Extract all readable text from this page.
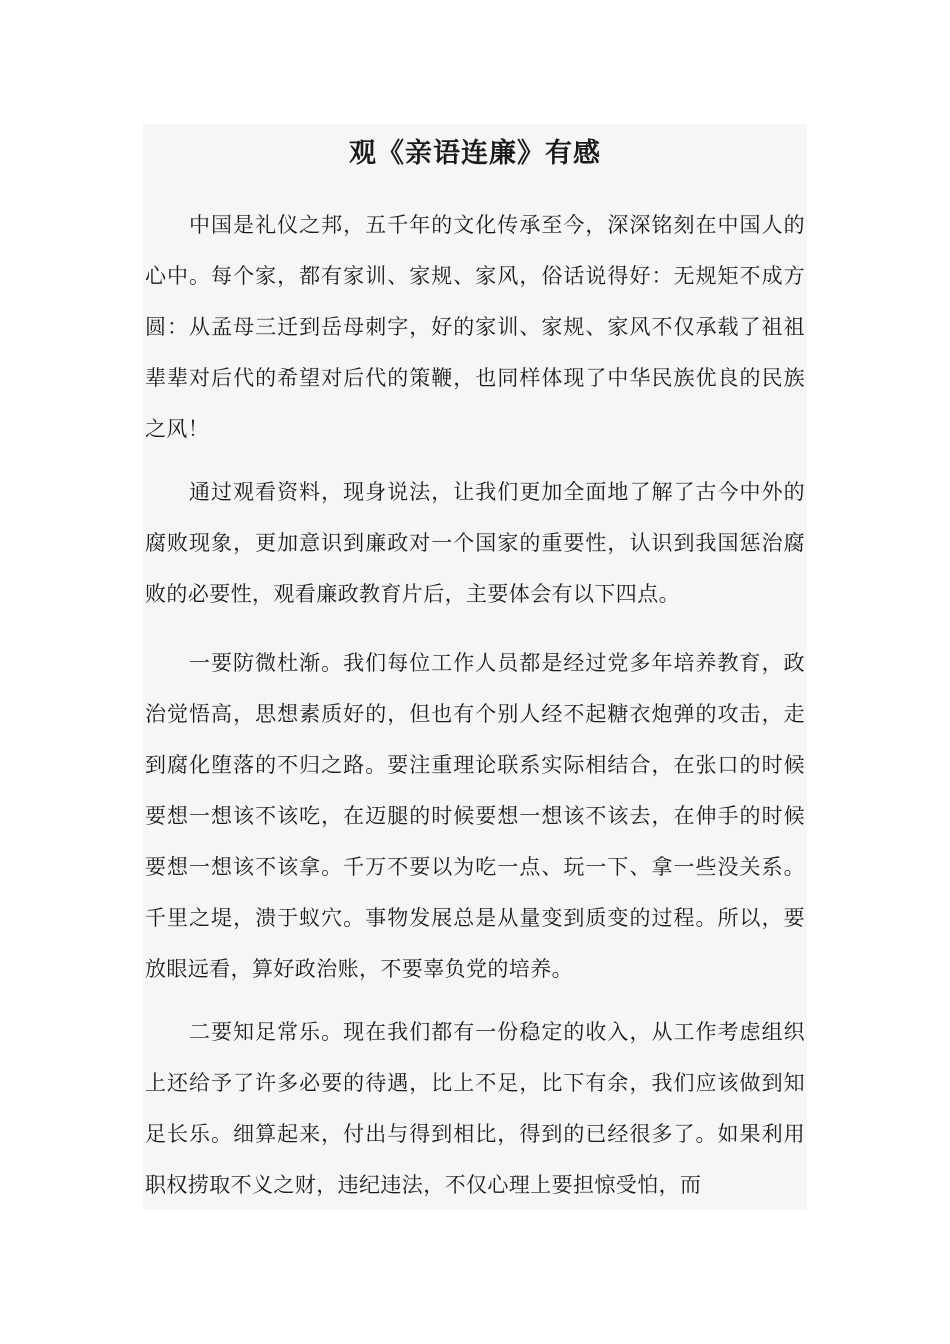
观《亲语连廉》有感

中国是礼仪之邦，五千年的文化传承至今，深深铭刻在中国人的心中。每个家，都有家训、家规、家风，俗话说得好：无规矩不成方圆：从孟母三迁到岳母刺字，好的家训、家规、家风不仅承载了祖祖辈辈对后代的希望对后代的策鞭，也同样体现了中华民族优良的民族之风！

通过观看资料，现身说法，让我们更加全面地了解了古今中外的腐败现象，更加意识到廉政对一个国家的重要性，认识到我国惩治腐败的必要性，观看廉政教育片后，主要体会有以下四点。

一要防微杜渐。我们每位工作人员都是经过党多年培养教育，政治觉悟高，思想素质好的，但也有个别人经不起糖衣炮弹的攻击，走到腐化堕落的不归之路。要注重理论联系实际相结合，在张口的时候要想一想该不该吃，在迈腿的时候要想一想该不该去，在伸手的时候要想一想该不该拿。千万不要以为吃一点、玩一下、拿一些没关系。千里之堤，溃于蚁穴。事物发展总是从量变到质变的过程。所以，要放眼远看，算好政治账，不要辜负党的培养。

二要知足常乐。现在我们都有一份稳定的收入，从工作考虑组织上还给予了许多必要的待遇，比上不足，比下有余，我们应该做到知足长乐。细算起来，付出与得到相比，得到的已经很多了。如果利用职权捞取不义之财，违纪违法，不仅心理上要担惊受怕，而
